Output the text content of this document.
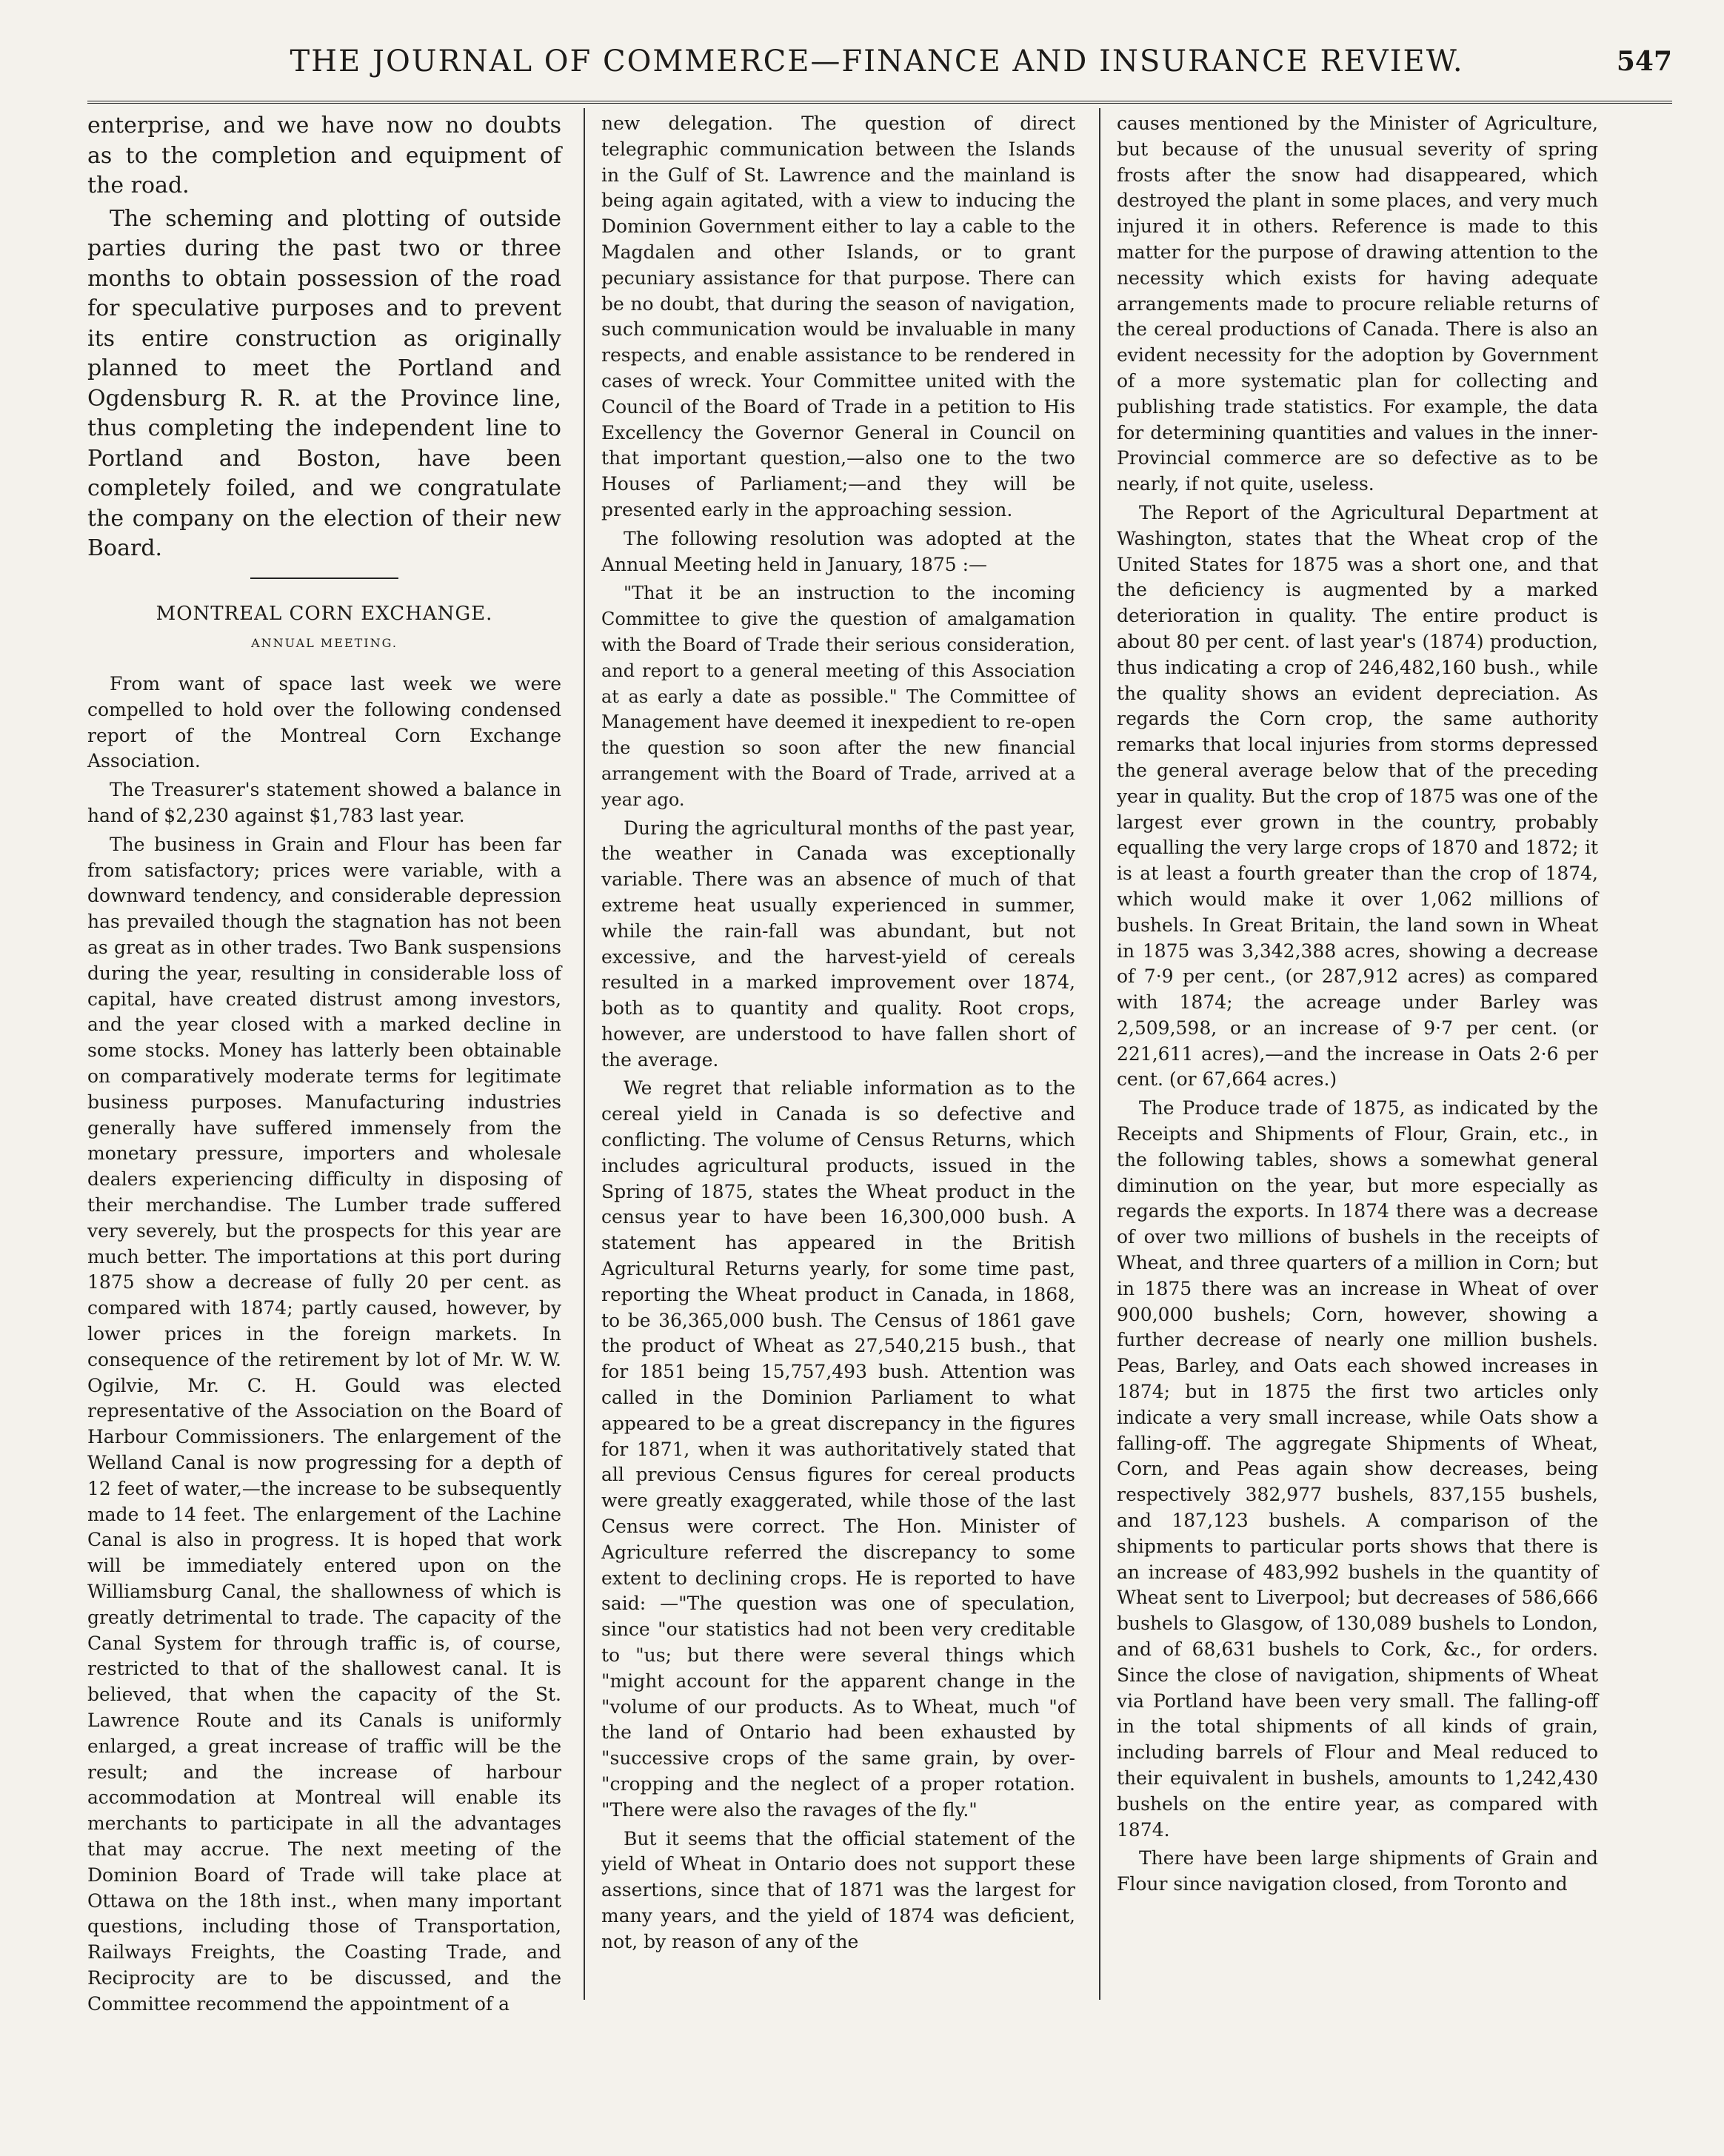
THE JOURNAL OF COMMERCE—FINANCE AND INSURANCE REVIEW.	547

enterprise, and we have now no doubts as to the completion and equipment of the road.

The scheming and plotting of outside parties during the past two or three months to obtain possession of the road for speculative purposes and to prevent its entire construction as originally planned to meet the Portland and Ogdensburg R. R. at the Province line, thus completing the independent line to Portland and Boston, have been completely foiled, and we congratulate the company on the election of their new Board.

MONTREAL CORN EXCHANGE.

ANNUAL MEETING.

From want of space last week we were compelled to hold over the following condensed report of the Montreal Corn Exchange Association.

The Treasurer's statement showed a balance in hand of $2,230 against $1,783 last year.

The business in Grain and Flour has been far from satisfactory; prices were variable, with a downward tendency, and considerable depression has prevailed though the stagnation has not been as great as in other trades. Two Bank suspensions during the year, resulting in considerable loss of capital, have created distrust among investors, and the year closed with a marked decline in some stocks. Money has latterly been obtainable on comparatively moderate terms for legitimate business purposes. Manufacturing industries generally have suffered immensely from the monetary pressure, importers and wholesale dealers experiencing difficulty in disposing of their merchandise. The Lumber trade suffered very severely, but the prospects for this year are much better. The importations at this port during 1875 show a decrease of fully 20 per cent. as compared with 1874; partly caused, however, by lower prices in the foreign markets. In consequence of the retirement by lot of Mr. W. W. Ogilvie, Mr. C. H. Gould was elected representative of the Association on the Board of Harbour Commissioners. The enlargement of the Welland Canal is now progressing for a depth of 12 feet of water,—the increase to be subsequently made to 14 feet. The enlargement of the Lachine Canal is also in progress. It is hoped that work will be immediately entered upon on the Williamsburg Canal, the shallowness of which is greatly detrimental to trade. The capacity of the Canal System for through traffic is, of course, restricted to that of the shallowest canal. It is believed, that when the capacity of the St. Lawrence Route and its Canals is uniformly enlarged, a great increase of traffic will be the result; and the increase of harbour accommodation at Montreal will enable its merchants to participate in all the advantages that may accrue. The next meeting of the Dominion Board of Trade will take place at Ottawa on the 18th inst., when many important questions, including those of Transportation, Railways Freights, the Coasting Trade, and Reciprocity are to be discussed, and the Committee recommend the appointment of a

new delegation. The question of direct telegraphic communication between the Islands in the Gulf of St. Lawrence and the mainland is being again agitated, with a view to inducing the Dominion Government either to lay a cable to the Magdalen and other Islands, or to grant pecuniary assistance for that purpose. There can be no doubt, that during the season of navigation, such communication would be invaluable in many respects, and enable assistance to be rendered in cases of wreck. Your Committee united with the Council of the Board of Trade in a petition to His Excellency the Governor General in Council on that important question,—also one to the two Houses of Parliament;—and they will be presented early in the approaching session.

The following resolution was adopted at the Annual Meeting held in January, 1875 :—

"That it be an instruction to the incoming Committee to give the question of amalgamation with the Board of Trade their serious consideration, and report to a general meeting of this Association at as early a date as possible." The Committee of Management have deemed it inexpedient to re-open the question so soon after the new financial arrangement with the Board of Trade, arrived at a year ago.

During the agricultural months of the past year, the weather in Canada was exceptionally variable. There was an absence of much of that extreme heat usually experienced in summer, while the rain-fall was abundant, but not excessive, and the harvest-yield of cereals resulted in a marked improvement over 1874, both as to quantity and quality. Root crops, however, are understood to have fallen short of the average.

We regret that reliable information as to the cereal yield in Canada is so defective and conflicting. The volume of Census Returns, which includes agricultural products, issued in the Spring of 1875, states the Wheat product in the census year to have been 16,300,000 bush. A statement has appeared in the British Agricultural Returns yearly, for some time past, reporting the Wheat product in Canada, in 1868, to be 36,365,000 bush. The Census of 1861 gave the product of Wheat as 27,540,215 bush., that for 1851 being 15,757,493 bush. Attention was called in the Dominion Parliament to what appeared to be a great discrepancy in the figures for 1871, when it was authoritatively stated that all previous Census figures for cereal products were greatly exaggerated, while those of the last Census were correct. The Hon. Minister of Agriculture referred the discrepancy to some extent to declining crops. He is reported to have said: —"The question was one of speculation, since "our statistics had not been very creditable to "us; but there were several things which "might account for the apparent change in the "volume of our products. As to Wheat, much "of the land of Ontario had been exhausted by "successive crops of the same grain, by over- "cropping and the neglect of a proper rotation. "There were also the ravages of the fly."

But it seems that the official statement of the yield of Wheat in Ontario does not support these assertions, since that of 1871 was the largest for many years, and the yield of 1874 was deficient, not, by reason of any of the

causes mentioned by the Minister of Agriculture, but because of the unusual severity of spring frosts after the snow had disappeared, which destroyed the plant in some places, and very much injured it in others. Reference is made to this matter for the purpose of drawing attention to the necessity which exists for having adequate arrangements made to procure reliable returns of the cereal productions of Canada. There is also an evident necessity for the adoption by Government of a more systematic plan for collecting and publishing trade statistics. For example, the data for determining quantities and values in the inner-Provincial commerce are so defective as to be nearly, if not quite, useless.

The Report of the Agricultural Department at Washington, states that the Wheat crop of the United States for 1875 was a short one, and that the deficiency is augmented by a marked deterioration in quality. The entire product is about 80 per cent. of last year's (1874) production, thus indicating a crop of 246,482,160 bush., while the quality shows an evident depreciation. As regards the Corn crop, the same authority remarks that local injuries from storms depressed the general average below that of the preceding year in quality. But the crop of 1875 was one of the largest ever grown in the country, probably equalling the very large crops of 1870 and 1872; it is at least a fourth greater than the crop of 1874, which would make it over 1,062 millions of bushels. In Great Britain, the land sown in Wheat in 1875 was 3,342,388 acres, showing a decrease of 7·9 per cent., (or 287,912 acres) as compared with 1874; the acreage under Barley was 2,509,598, or an increase of 9·7 per cent. (or 221,611 acres),—and the increase in Oats 2·6 per cent. (or 67,664 acres.)

The Produce trade of 1875, as indicated by the Receipts and Shipments of Flour, Grain, etc., in the following tables, shows a somewhat general diminution on the year, but more especially as regards the exports. In 1874 there was a decrease of over two millions of bushels in the receipts of Wheat, and three quarters of a million in Corn; but in 1875 there was an increase in Wheat of over 900,000 bushels; Corn, however, showing a further decrease of nearly one million bushels. Peas, Barley, and Oats each showed increases in 1874; but in 1875 the first two articles only indicate a very small increase, while Oats show a falling-off. The aggregate Shipments of Wheat, Corn, and Peas again show decreases, being respectively 382,977 bushels, 837,155 bushels, and 187,123 bushels. A comparison of the shipments to particular ports shows that there is an increase of 483,992 bushels in the quantity of Wheat sent to Liverpool; but decreases of 586,666 bushels to Glasgow, of 130,089 bushels to London, and of 68,631 bushels to Cork, &c., for orders. Since the close of navigation, shipments of Wheat via Portland have been very small. The falling-off in the total shipments of all kinds of grain, including barrels of Flour and Meal reduced to their equivalent in bushels, amounts to 1,242,430 bushels on the entire year, as compared with 1874.

There have been large shipments of Grain and Flour since navigation closed, from Toronto and
